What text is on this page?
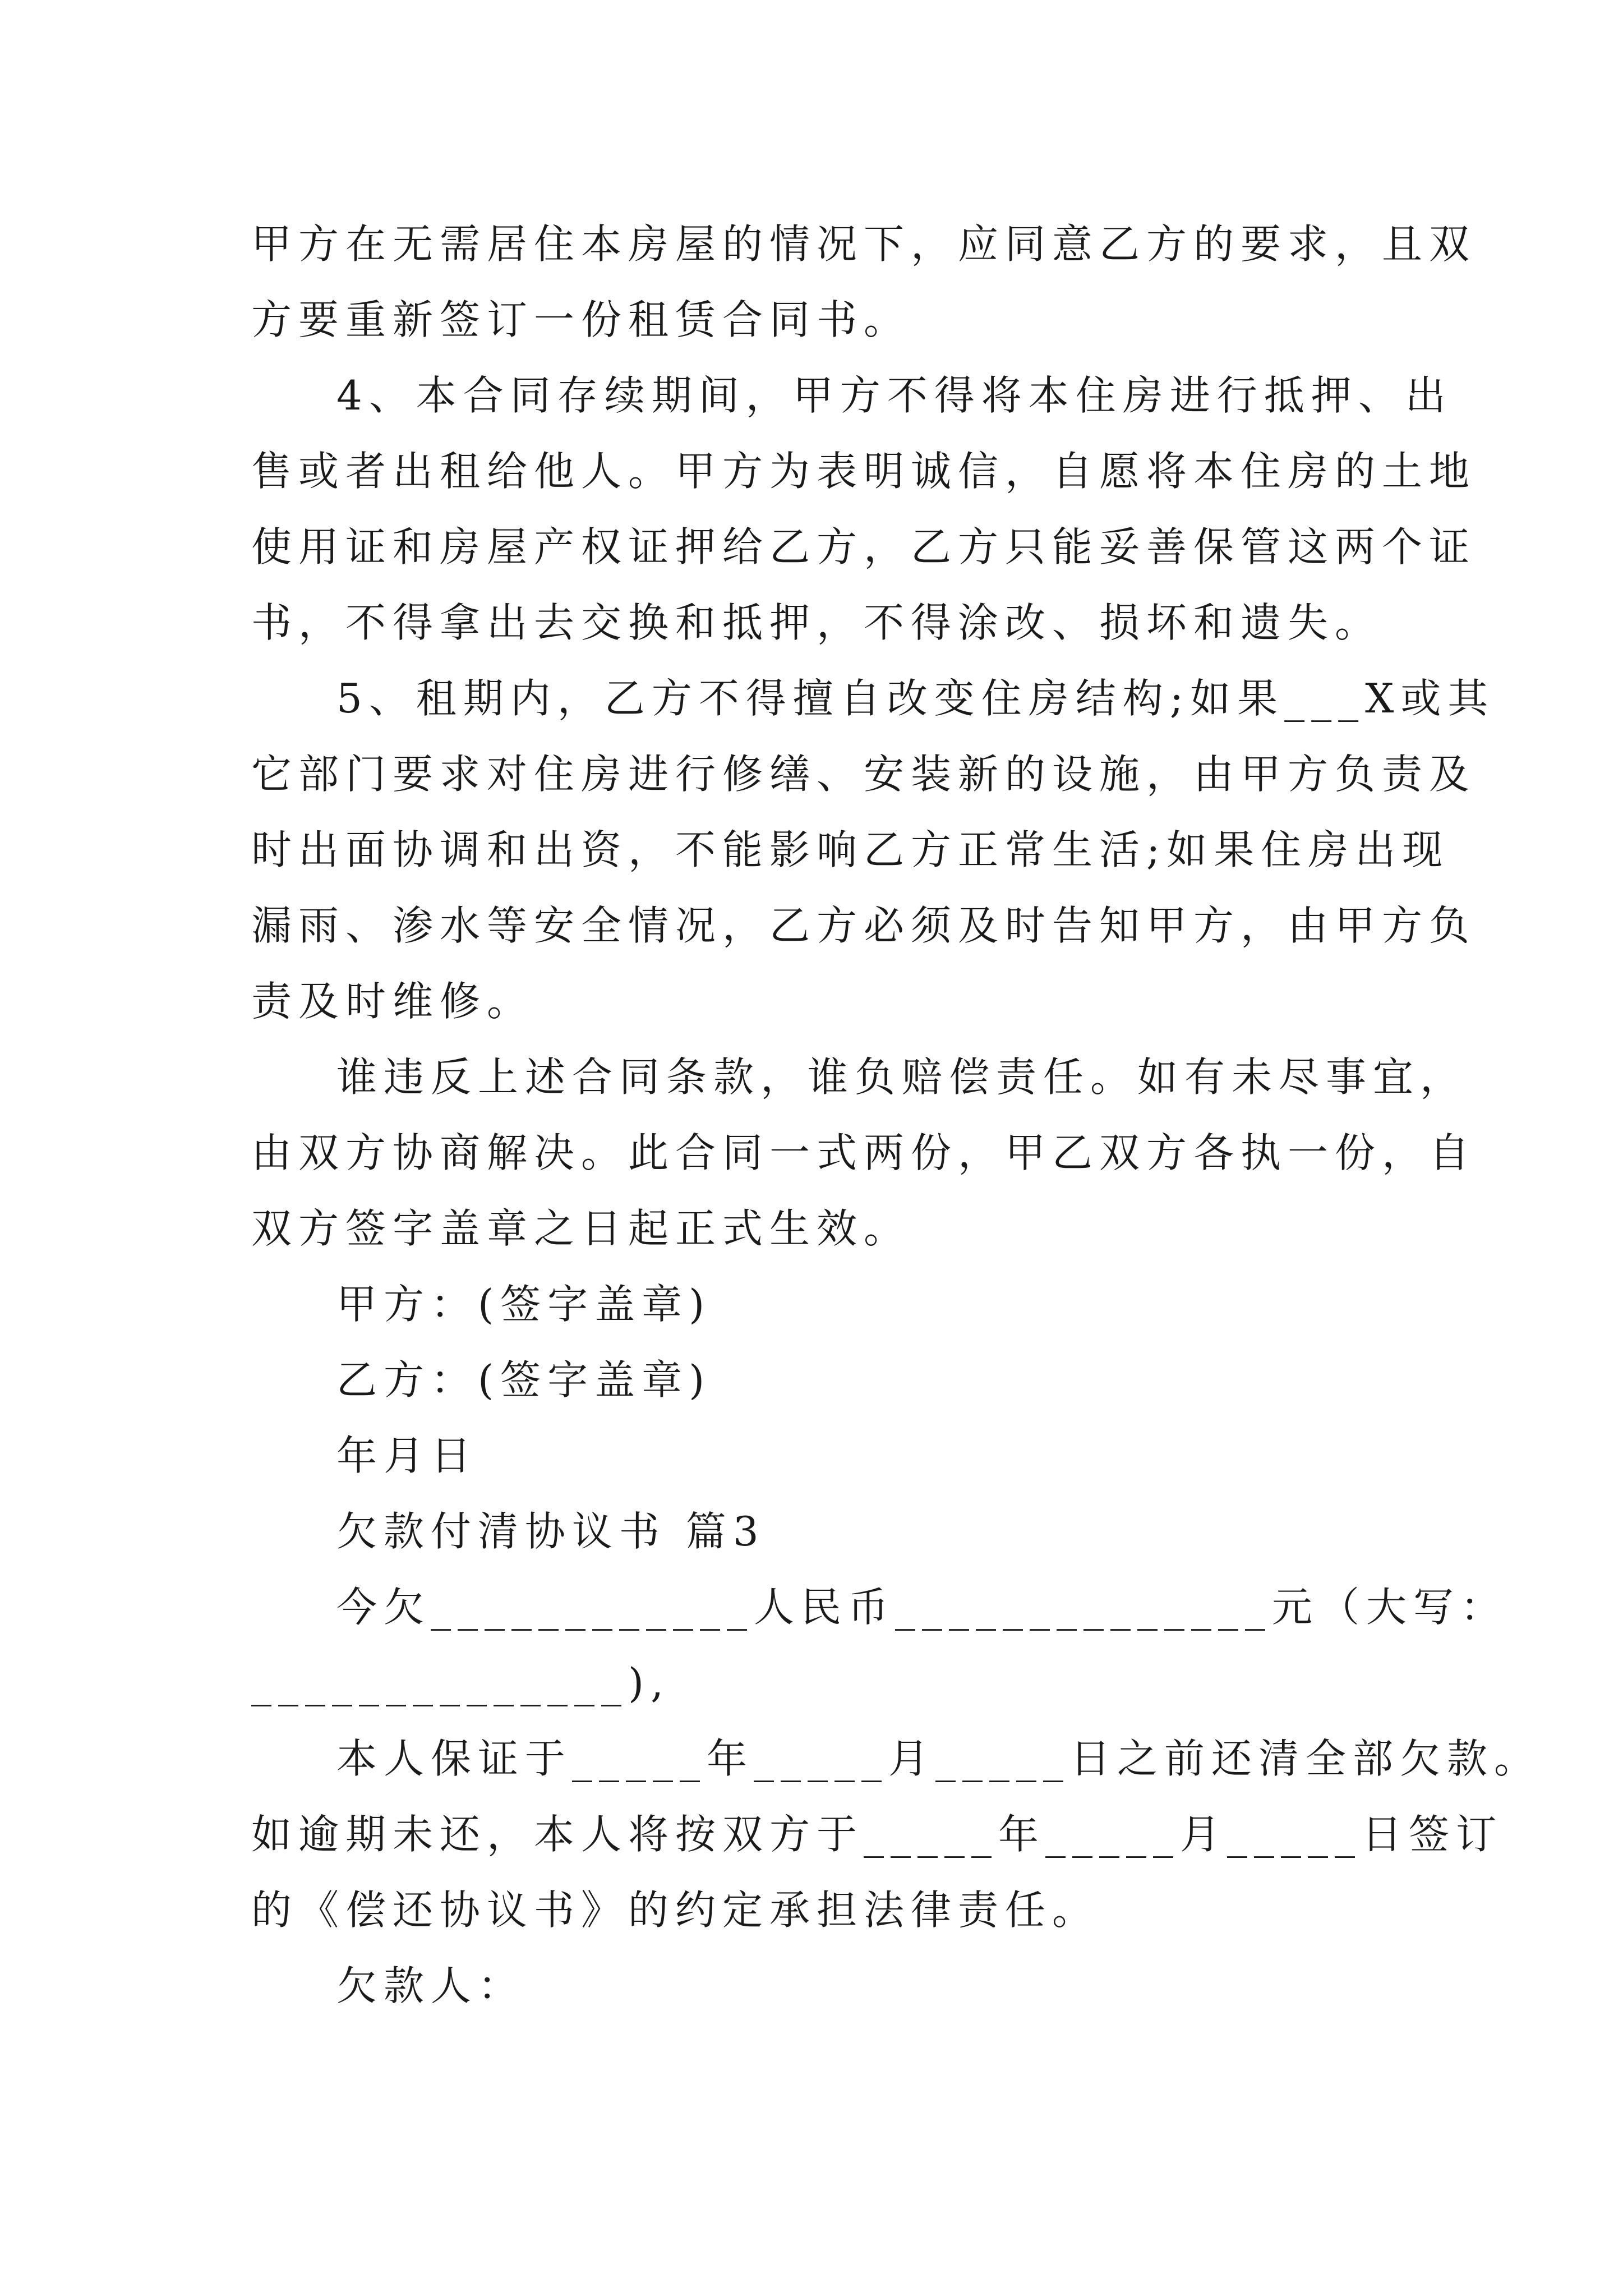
甲方在无需居住本房屋的情况下，应同意乙方的要求，且双
方要重新签订一份租赁合同书。
4、本合同存续期间，甲方不得将本住房进行抵押、出
售或者出租给他人。甲方为表明诚信，自愿将本住房的土地
使用证和房屋产权证押给乙方，乙方只能妥善保管这两个证
书，不得拿出去交换和抵押，不得涂改、损坏和遗失。
5、租期内，乙方不得擅自改变住房结构;如果___X或其
它部门要求对住房进行修缮、安装新的设施，由甲方负责及
时出面协调和出资，不能影响乙方正常生活;如果住房出现
漏雨、渗水等安全情况，乙方必须及时告知甲方，由甲方负
责及时维修。
谁违反上述合同条款，谁负赔偿责任。如有未尽事宜，
由双方协商解决。此合同一式两份，甲乙双方各执一份，自
双方签字盖章之日起正式生效。
甲方：(签字盖章)
乙方：(签字盖章)
年月日
欠款付清协议书 篇3
今欠____________人民币______________元（大写：
______________),
本人保证于_____年_____月_____日之前还清全部欠款。
如逾期未还，本人将按双方于_____年_____月_____日签订
的《偿还协议书》的约定承担法律责任。
欠款人：
